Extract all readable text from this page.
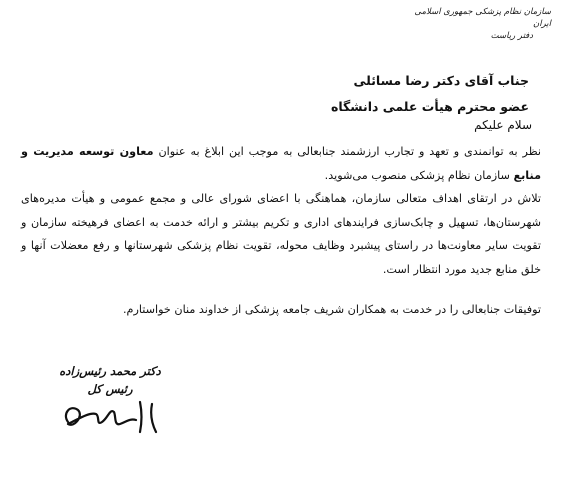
سازمان نظام پزشکی جمهوری اسلامی ایران
دفتر ریاست
جناب آقای دکتر رضا مسائلی
عضو محترم هیأت علمی دانشگاه
سلام علیکم

نظر به توانمندی و تعهد و تجارب ارزشمند جنابعالی به موجب این ابلاغ به عنوان معاون توسعه مدیریت و منابع سازمان نظام پزشکی منصوب می‌شوید.

تلاش در ارتقای اهداف متعالی سازمان، هماهنگی با اعضای شورای عالی و مجمع عمومی و هیأت مدیره‌های شهرستان‌ها، تسهیل و چابک‌سازی فرایندهای اداری و تکریم بیشتر و ارائه خدمت به اعضای فرهیخته سازمان و تقویت سایر معاونت‌ها در راستای پیشبرد وظایف محوله، تقویت نظام پزشکی شهرستانها و رفع معضلات آنها و خلق منابع جدید مورد انتظار است.

توفیقات جنابعالی را در خدمت به همکاران شریف جامعه پزشکی از خداوند منان خواستارم.
دکتر محمد رئیس‌زاده
رئیس کل
